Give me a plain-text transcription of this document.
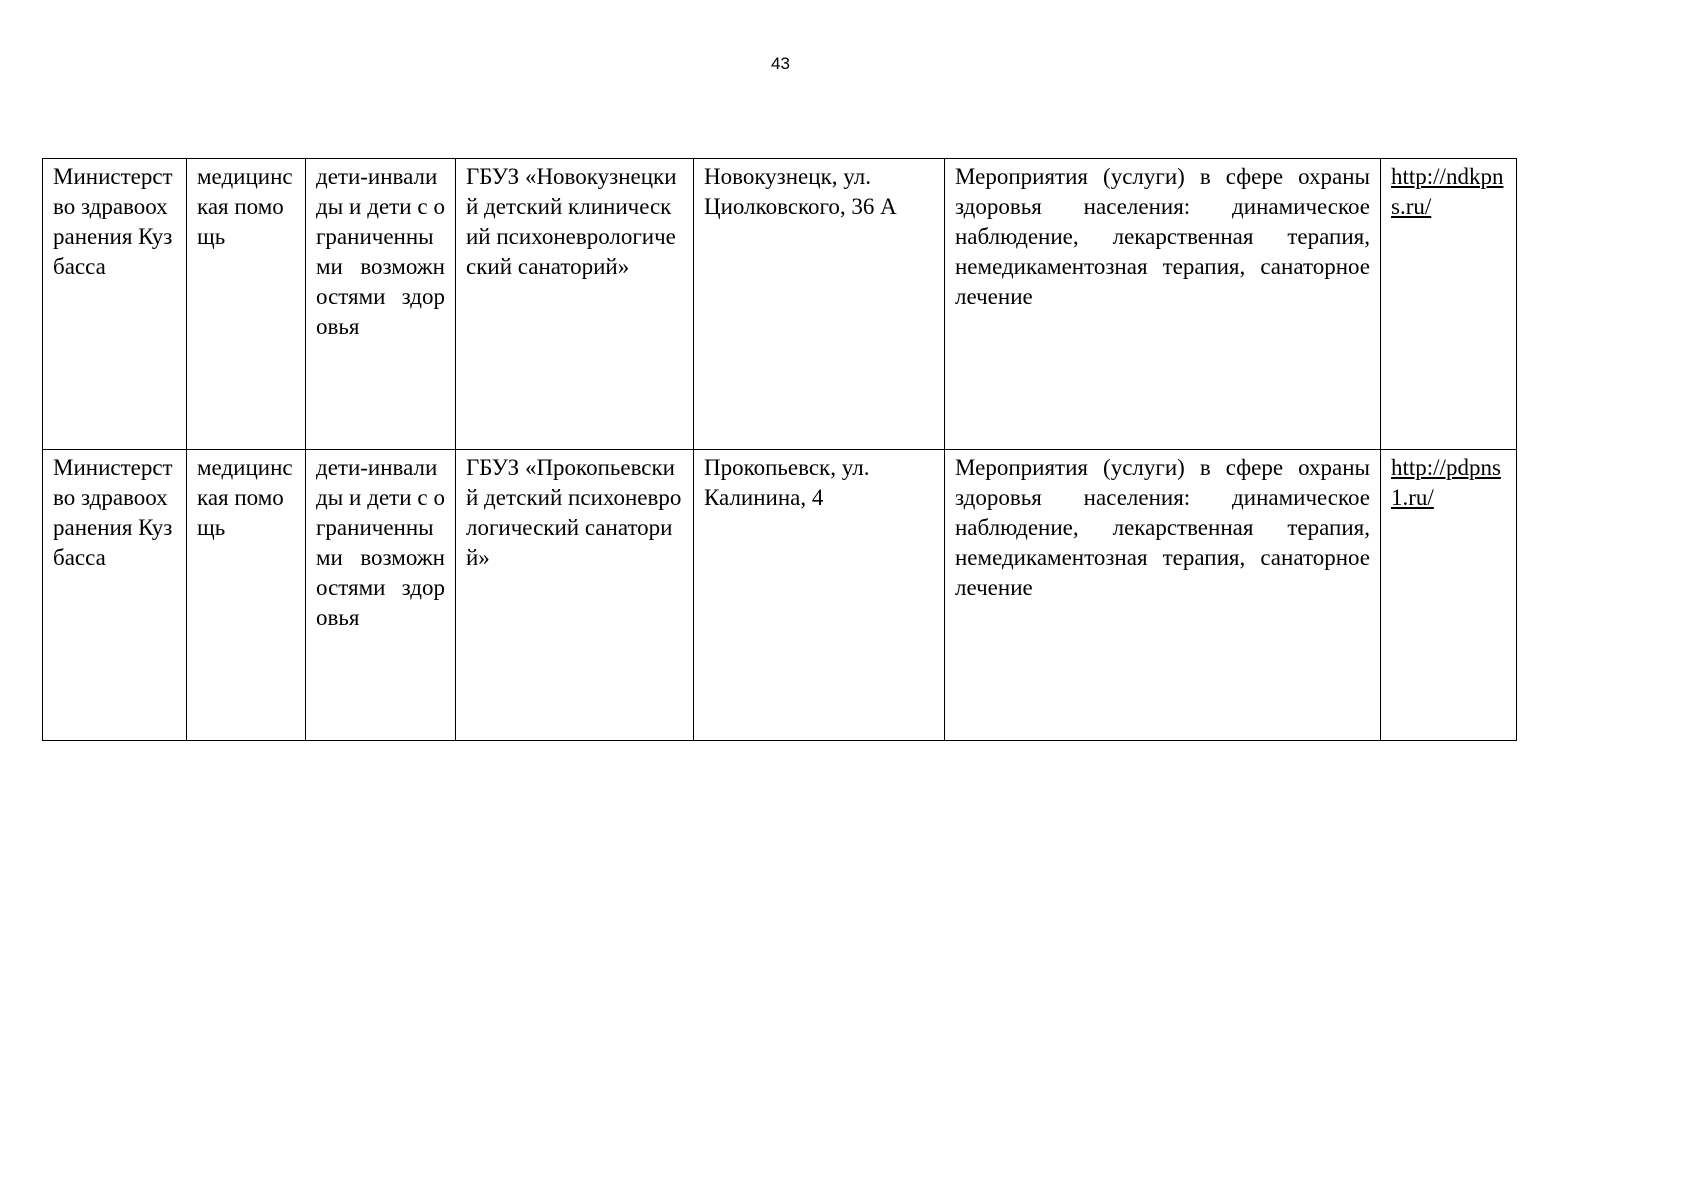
43
Министерство здравоохранения Кузбасса	медицинская помощь	дети-инвалиды и дети с ограниченными возможностями здоровья	ГБУЗ «Новокузнецкий детский клинический психоневрологический санаторий»	Новокузнецк, ул. Циолковского, 36 А	Мероприятия (услуги) в сфере охраны здоровья населения: динамическое наблюдение, лекарственная терапия, немедикаментозная терапия, санаторное лечение	http://ndkpns.ru/
Министерство здравоохранения Кузбасса	медицинская помощь	дети-инвалиды и дети с ограниченными возможностями здоровья	ГБУЗ «Прокопьевский детский психоневрологический санаторий»	Прокопьевск, ул. Калинина, 4	Мероприятия (услуги) в сфере охраны здоровья населения: динамическое наблюдение, лекарственная терапия, немедикаментозная терапия, санаторное лечение	http://pdpns1.ru/
